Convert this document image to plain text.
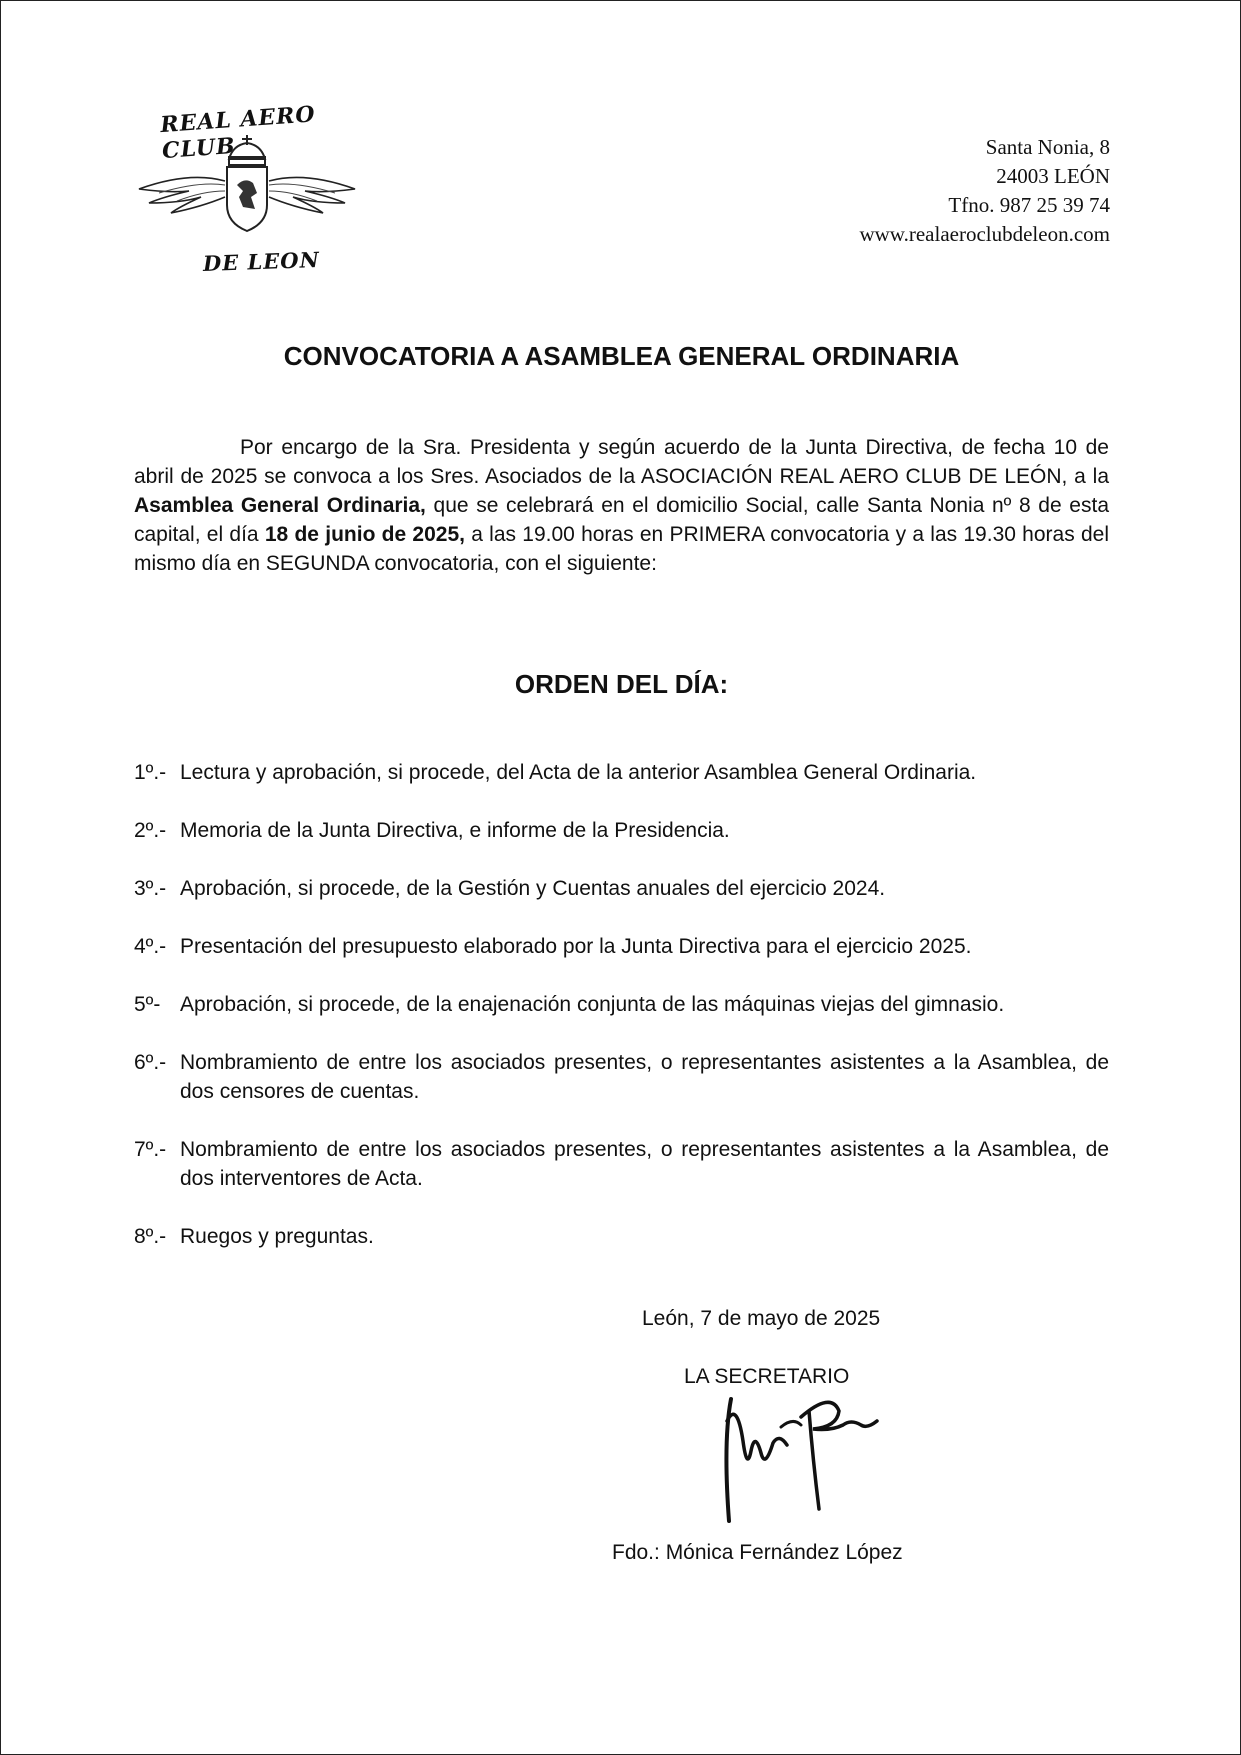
REAL AERO CLUB
DE LEON
Santa Nonia, 8
24003 LEÓN
Tfno. 987 25 39 74
www.realaeroclubdeleon.com
CONVOCATORIA A ASAMBLEA GENERAL ORDINARIA
Por encargo de la Sra. Presidenta y según acuerdo de la Junta Directiva, de fecha 10 de abril de 2025 se convoca a los Sres. Asociados de la ASOCIACIÓN REAL AERO CLUB DE LEÓN, a la Asamblea General Ordinaria, que se celebrará en el domicilio Social, calle Santa Nonia nº 8 de esta capital, el día 18 de junio de 2025, a las 19.00 horas en PRIMERA convocatoria y a las 19.30 horas del mismo día en SEGUNDA convocatoria, con el siguiente:
ORDEN DEL DÍA:
1º.- Lectura y aprobación, si procede, del Acta de la anterior Asamblea General Ordinaria.
2º.- Memoria de la Junta Directiva, e informe de la Presidencia.
3º.- Aprobación, si procede, de la Gestión y Cuentas anuales del ejercicio 2024.
4º.- Presentación del presupuesto elaborado por la Junta Directiva para el ejercicio 2025.
5º- Aprobación, si procede, de la enajenación conjunta de las máquinas viejas del gimnasio.
6º.- Nombramiento de entre los asociados presentes, o representantes asistentes a la Asamblea, de dos censores de cuentas.
7º.- Nombramiento de entre los asociados presentes, o representantes asistentes a la Asamblea, de dos interventores de Acta.
8º.- Ruegos y preguntas.
León, 7 de mayo de 2025
LA SECRETARIO
Fdo.: Mónica Fernández López
